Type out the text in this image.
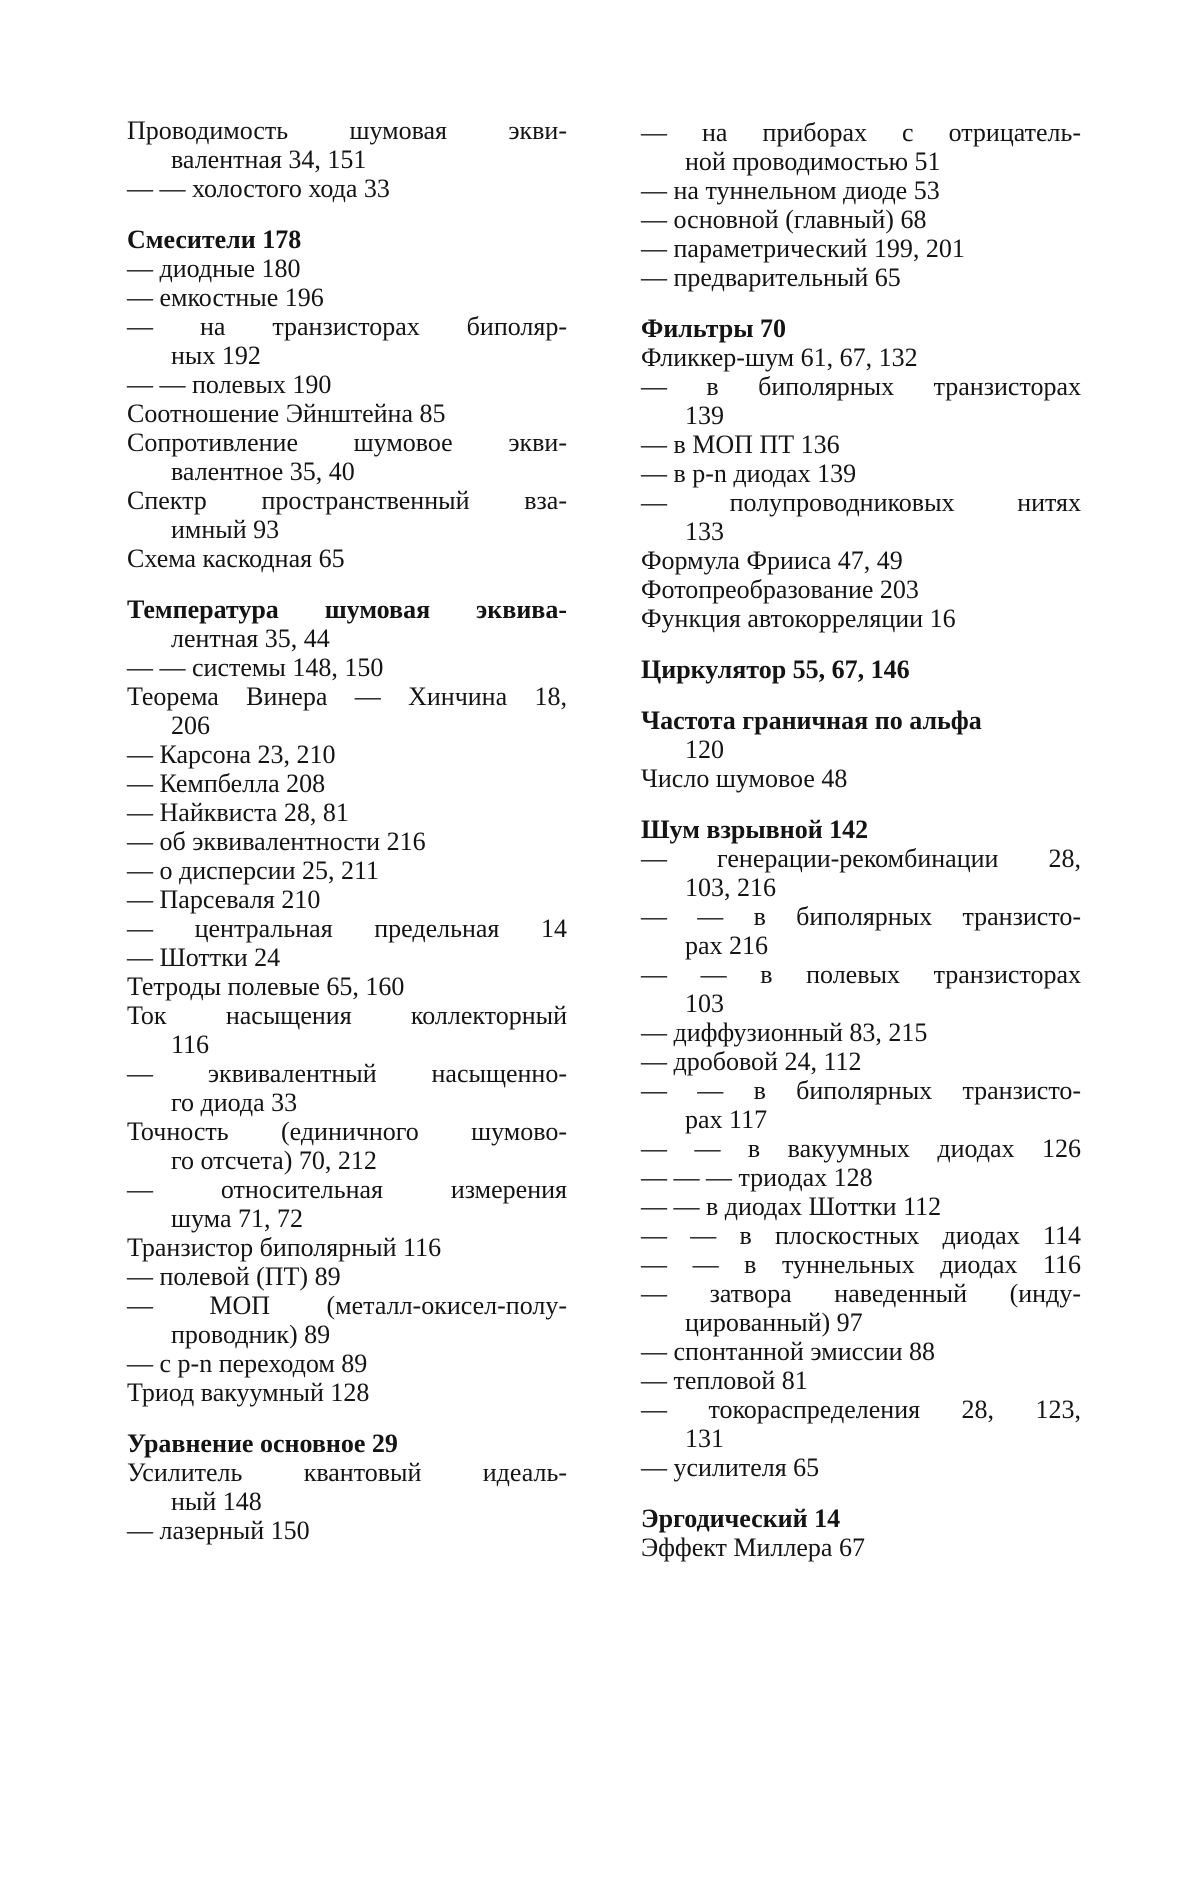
Проводимость шумовая экви-
валентная 34, 151
— — холостого хода 33
Смесители 178
— диодные 180
— емкостные 196
— на транзисторах биполяр-
ных 192
— — полевых 190
Соотношение Эйнштейна 85
Сопротивление шумовое экви-
валентное 35, 40
Спектр пространственный вза-
имный 93
Схема каскодная 65
Температура шумовая эквива-
лентная 35, 44
— — системы 148, 150
Теорема Винера — Хинчина 18,
206
— Карсона 23, 210
— Кемпбелла 208
— Найквиста 28, 81
— об эквивалентности 216
— о дисперсии 25, 211
— Парсеваля 210
— центральная предельная 14
— Шоттки 24
Тетроды полевые 65, 160
Ток насыщения коллекторный
116
— эквивалентный насыщенно-
го диода 33
Точность (единичного шумово-
го отсчета) 70, 212
— относительная измерения
шума 71, 72
Транзистор биполярный 116
— полевой (ПТ) 89
— МОП (металл-окисел-полу-
проводник) 89
— с p-n переходом 89
Триод вакуумный 128
Уравнение основное 29
Усилитель квантовый идеаль-
ный 148
— лазерный 150
— на приборах с отрицатель-
ной проводимостью 51
— на туннельном диоде 53
— основной (главный) 68
— параметрический 199, 201
— предварительный 65
Фильтры 70
Фликкер-шум 61, 67, 132
— в биполярных транзисторах
139
— в МОП ПТ 136
— в p-n диодах 139
— полупроводниковых нитях
133
Формула Фрииса 47, 49
Фотопреобразование 203
Функция автокорреляции 16
Циркулятор 55, 67, 146
Частота граничная по альфа
120
Число шумовое 48
Шум взрывной 142
— генерации-рекомбинации 28,
103, 216
— — в биполярных транзисто-
рах 216
— — в полевых транзисторах
103
— диффузионный 83, 215
— дробовой 24, 112
— — в биполярных транзисто-
рах 117
— — в вакуумных диодах 126
— — — триодах 128
— — в диодах Шоттки 112
— — в плоскостных диодах 114
— — в туннельных диодах 116
— затвора наведенный (инду-
цированный) 97
— спонтанной эмиссии 88
— тепловой 81
— токораспределения 28, 123,
131
— усилителя 65
Эргодический 14
Эффект Миллера 67
